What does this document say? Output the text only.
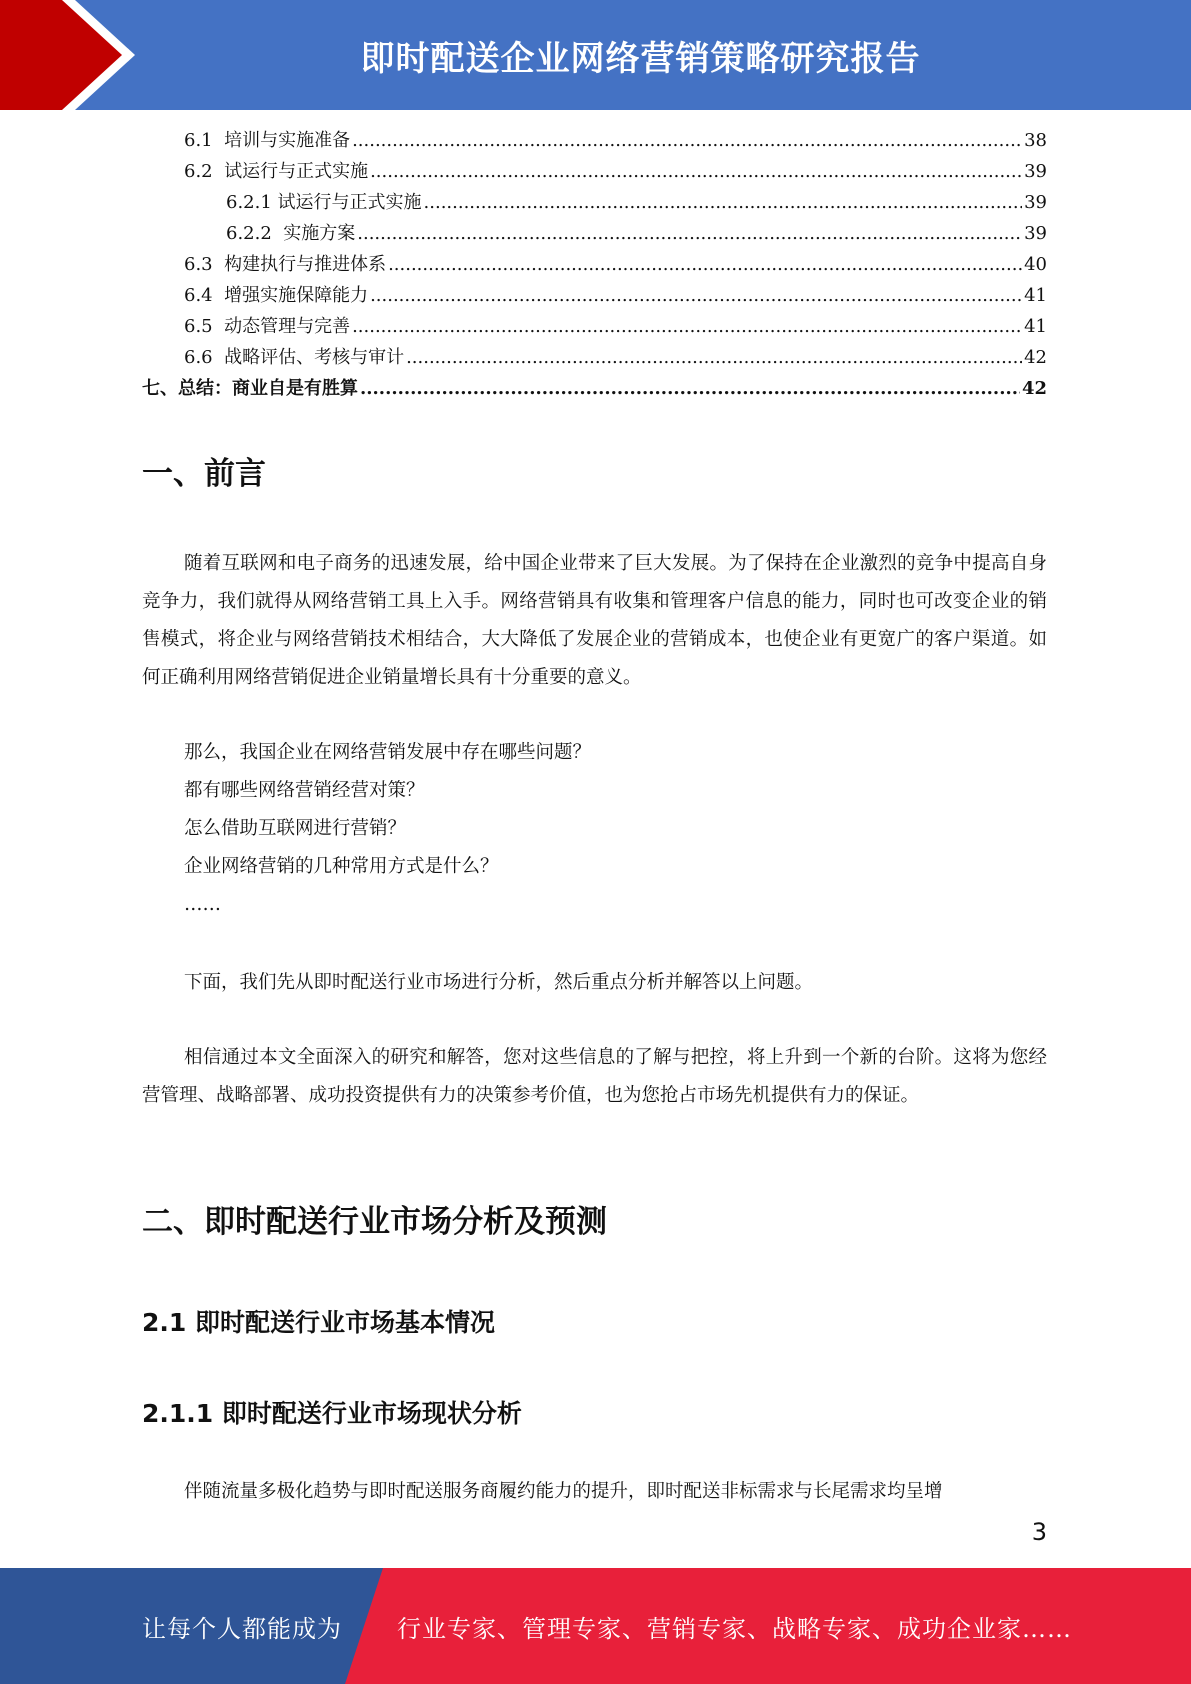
即时配送企业网络营销策略研究报告
6.1  培训与实施准备 .....	38
6.2  试运行与正式实施 .....	39
6.2.1 试运行与正式实施 .....	39
6.2.2  实施方案 .....	39
6.3  构建执行与推进体系 .....	40
6.4  增强实施保障能力 .....	41
6.5  动态管理与完善 .....	41
6.6  战略评估、考核与审计 .....	42
七、总结：商业自是有胜算 .....	42
一、前言

随着互联网和电子商务的迅速发展，给中国企业带来了巨大发展。为了保持在企业激烈的竞争中提高自身竞争力，我们就得从网络营销工具上入手。网络营销具有收集和管理客户信息的能力，同时也可改变企业的销售模式，将企业与网络营销技术相结合，大大降低了发展企业的营销成本，也使企业有更宽广的客户渠道。如何正确利用网络营销促进企业销量增长具有十分重要的意义。

那么，我国企业在网络营销发展中存在哪些问题？
都有哪些网络营销经营对策？
怎么借助互联网进行营销？
企业网络营销的几种常用方式是什么？
……

下面，我们先从即时配送行业市场进行分析，然后重点分析并解答以上问题。

相信通过本文全面深入的研究和解答，您对这些信息的了解与把控，将上升到一个新的台阶。这将为您经营管理、战略部署、成功投资提供有力的决策参考价值，也为您抢占市场先机提供有力的保证。

二、即时配送行业市场分析及预测
2.1 即时配送行业市场基本情况
2.1.1 即时配送行业市场现状分析

伴随流量多极化趋势与即时配送服务商履约能力的提升，即时配送非标需求与长尾需求均呈增

3
让每个人都能成为 行业专家、管理专家、营销专家、战略专家、成功企业家……
